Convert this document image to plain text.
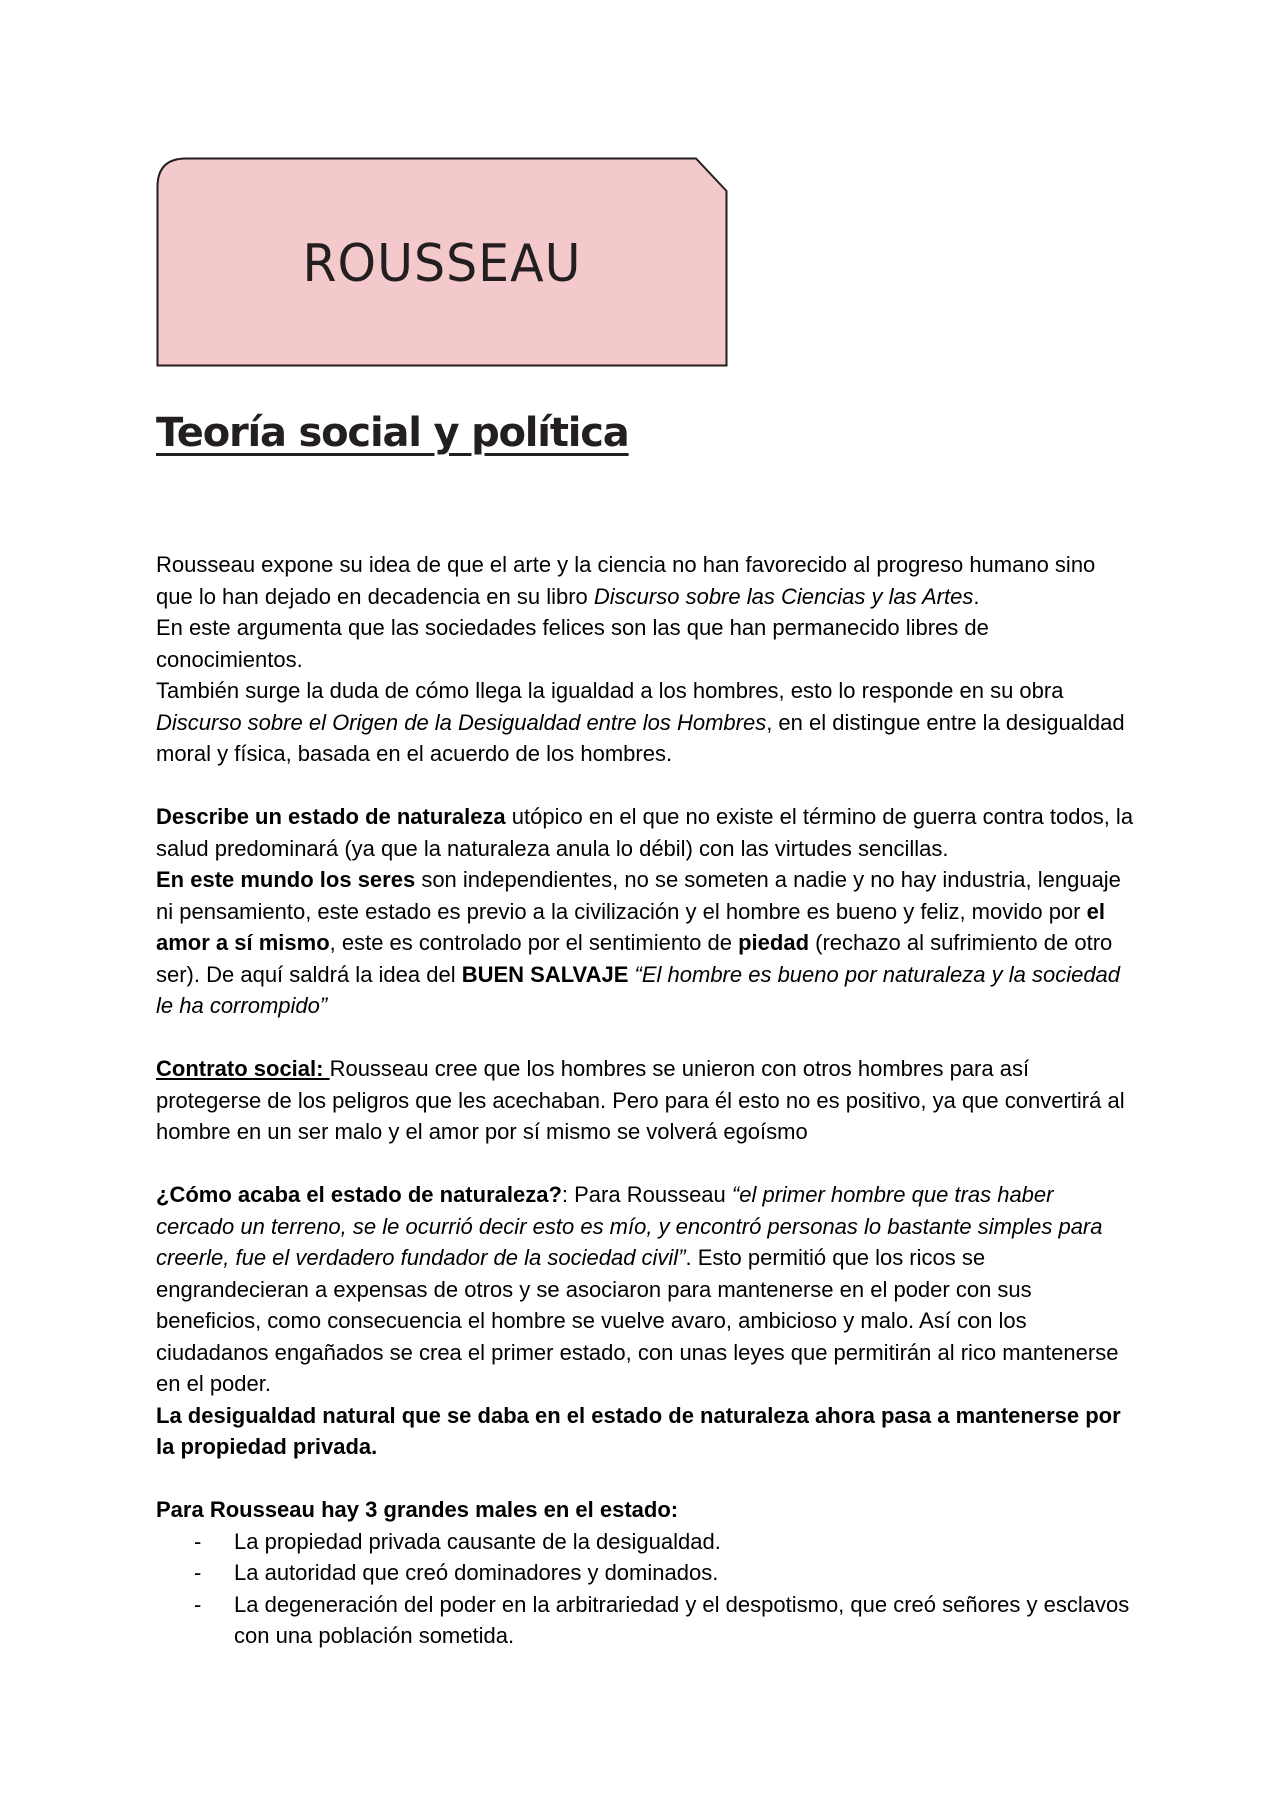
ROUSSEAU
Teoría social y política

Rousseau expone su idea de que el arte y la ciencia no han favorecido al progreso humano sino que lo han dejado en decadencia en su libro Discurso sobre las Ciencias y las Artes.

En este argumenta que las sociedades felices son las que han permanecido libres de conocimientos.

También surge la duda de cómo llega la igualdad a los hombres, esto lo responde en su obra Discurso sobre el Origen de la Desigualdad entre los Hombres, en el distingue entre la desigualdad moral y física, basada en el acuerdo de los hombres.

Describe un estado de naturaleza utópico en el que no existe el término de guerra contra todos, la salud predominará (ya que la naturaleza anula lo débil) con las virtudes sencillas.
En este mundo los seres son independientes, no se someten a nadie y no hay industria, lenguaje ni pensamiento, este estado es previo a la civilización y el hombre es bueno y feliz, movido por el amor a sí mismo, este es controlado por el sentimiento de piedad (rechazo al sufrimiento de otro ser). De aquí saldrá la idea del BUEN SALVAJE “El hombre es bueno por naturaleza y la sociedad le ha corrompido”

Contrato social: Rousseau cree que los hombres se unieron con otros hombres para así protegerse de los peligros que les acechaban. Pero para él esto no es positivo, ya que convertirá al hombre en un ser malo y el amor por sí mismo se volverá egoísmo

¿Cómo acaba el estado de naturaleza?: Para Rousseau “el primer hombre que tras haber cercado un terreno, se le ocurrió decir esto es mío, y encontró personas lo bastante simples para creerle, fue el verdadero fundador de la sociedad civil”. Esto permitió que los ricos se engrandecieran a expensas de otros y se asociaron para mantenerse en el poder con sus beneficios, como consecuencia el hombre se vuelve avaro, ambicioso y malo. Así con los ciudadanos engañados se crea el primer estado, con unas leyes que permitirán al rico mantenerse en el poder.

La desigualdad natural que se daba en el estado de naturaleza ahora pasa a mantenerse por la propiedad privada.

Para Rousseau hay 3 grandes males en el estado:

- La propiedad privada causante de la desigualdad.
- La autoridad que creó dominadores y dominados.
- La degeneración del poder en la arbitrariedad y el despotismo, que creó señores y esclavos con una población sometida.
